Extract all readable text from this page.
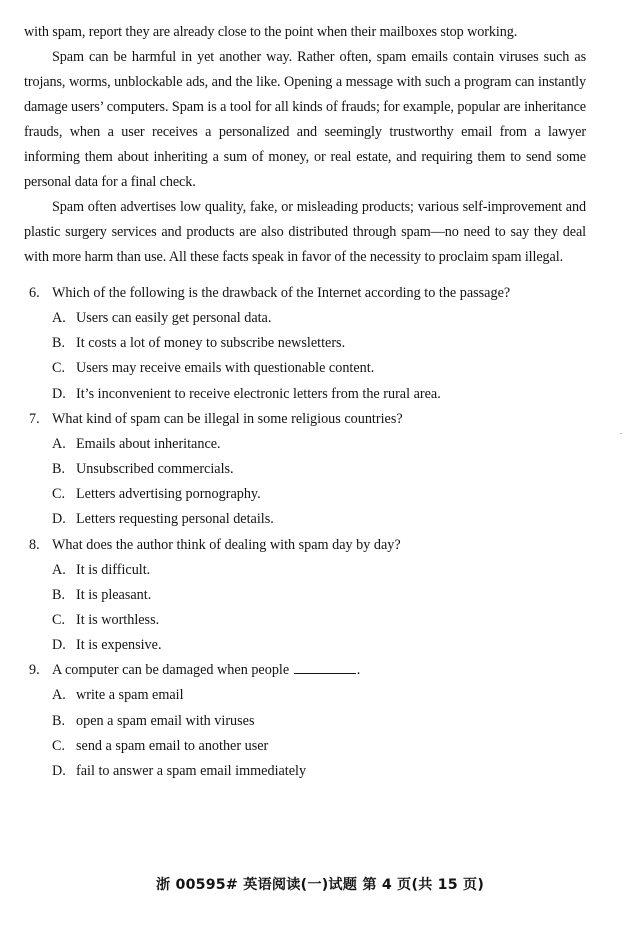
with spam, report they are already close to the point when their mailboxes stop working.

Spam can be harmful in yet another way. Rather often, spam emails contain viruses such as trojans, worms, unblockable ads, and the like. Opening a message with such a program can instantly damage users’ computers. Spam is a tool for all kinds of frauds; for example, popular are inheritance frauds, when a user receives a personalized and seemingly trustworthy email from a lawyer informing them about inheriting a sum of money, or real estate, and requiring them to send some personal data for a final check.

Spam often advertises low quality, fake, or misleading products; various self-improvement and plastic surgery services and products are also distributed through spam—no need to say they deal with more harm than use. All these facts speak in favor of the necessity to proclaim spam illegal.

6. Which of the following is the drawback of the Internet according to the passage?
A. Users can easily get personal data.
B. It costs a lot of money to subscribe newsletters.
C. Users may receive emails with questionable content.
D. It’s inconvenient to receive electronic letters from the rural area.
7. What kind of spam can be illegal in some religious countries?
A. Emails about inheritance.
B. Unsubscribed commercials.
C. Letters advertising pornography.
D. Letters requesting personal details.
8. What does the author think of dealing with spam day by day?
A. It is difficult.
B. It is pleasant.
C. It is worthless.
D. It is expensive.
9. A computer can be damaged when people	.
A. write a spam email
B. open a spam email with viruses
C. send a spam email to another user
D. fail to answer a spam email immediately
浙 00595# 英语阅读(一)试题 第 4 页(共 15 页)
